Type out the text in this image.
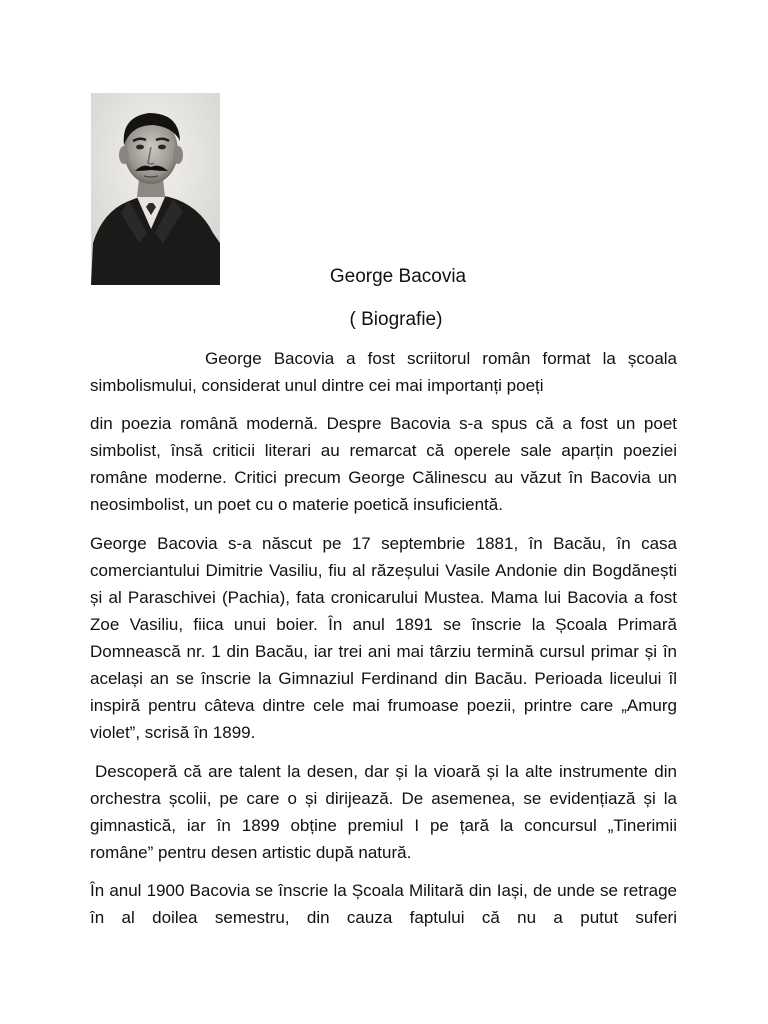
George Bacovia
( Biografie)

George Bacovia a fost scriitorul român format la școala simbolismului, considerat unul dintre cei mai importanți poeți

din poezia română modernă. Despre Bacovia s-a spus că a fost un poet simbolist, însă criticii literari au remarcat că operele sale aparțin poeziei române moderne. Critici precum George Călinescu au văzut în Bacovia un neosimbolist, un poet cu o materie poetică insuficientă.

George Bacovia s-a născut pe 17 septembrie 1881, în Bacău, în casa comerciantului Dimitrie Vasiliu, fiu al răzeșului Vasile Andonie din Bogdănești și al Paraschivei (Pachia), fata cronicarului Mustea. Mama lui Bacovia a fost Zoe Vasiliu, fiica unui boier. În anul 1891 se înscrie la Școala Primară Domnească nr. 1 din Bacău, iar trei ani mai târziu termină cursul primar și în același an se înscrie la Gimnaziul Ferdinand din Bacău. Perioada liceului îl inspiră pentru câteva dintre cele mai frumoase poezii, printre care „Amurg violet”, scrisă în 1899.

Descoperă că are talent la desen, dar și la vioară și la alte instrumente din orchestra școlii, pe care o și dirijează. De asemenea, se evidențiază și la gimnastică, iar în 1899 obține premiul I pe țară la concursul „Tinerimii române” pentru desen artistic după natură.

În anul 1900 Bacovia se înscrie la Școala Militară din Iași, de unde se retrage în al doilea semestru, din cauza faptului că nu a putut suferi
